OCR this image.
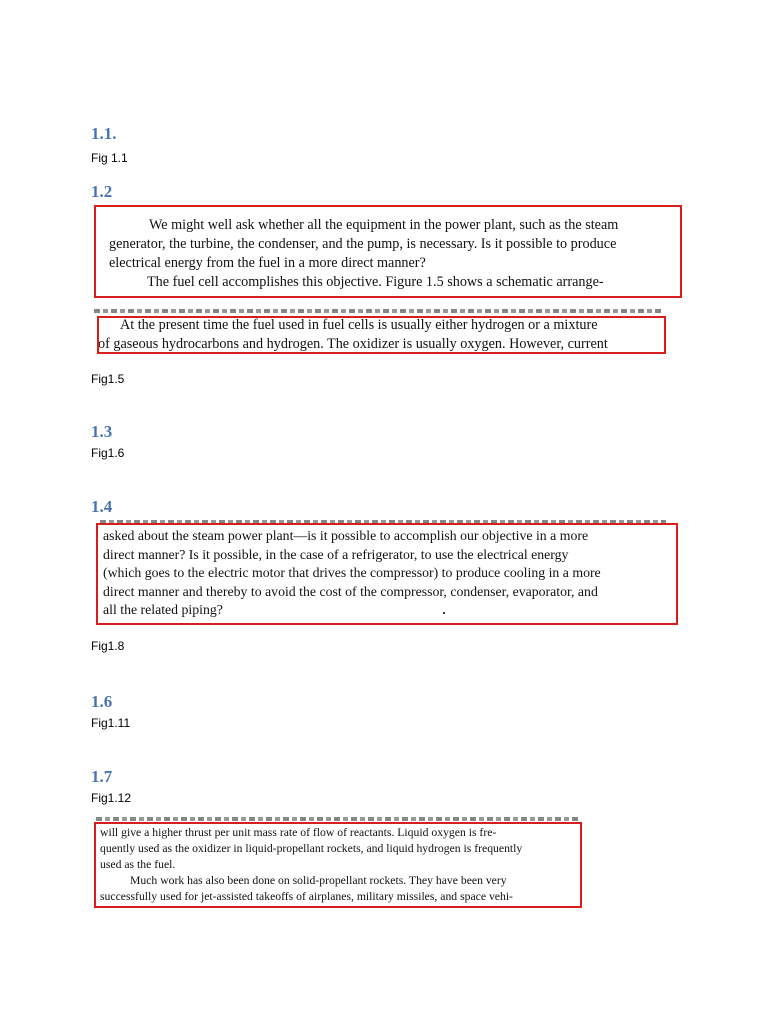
1.1.

Fig 1.1

1.2
We might well ask whether all the equipment in the power plant, such as the steam
generator, the turbine, the condenser, and the pump, is necessary. Is it possible to produce
electrical energy from the fuel in a more direct manner?
The fuel cell accomplishes this objective. Figure 1.5 shows a schematic arrange-
At the present time the fuel used in fuel cells is usually either hydrogen or a mixture
of gaseous hydrocarbons and hydrogen. The oxidizer is usually oxygen. However, current

Fig1.5

1.3

Fig1.6

1.4
asked about the steam power plant—is it possible to accomplish our objective in a more
direct manner? Is it possible, in the case of a refrigerator, to use the electrical energy
(which goes to the electric motor that drives the compressor) to produce cooling in a more
direct manner and thereby to avoid the cost of the compressor, condenser, evaporator, and
all the related piping?

Fig1.8

1.6

Fig1.11

1.7

Fig1.12

will give a higher thrust per unit mass rate of flow of reactants. Liquid oxygen is fre-
quently used as the oxidizer in liquid-propellant rockets, and liquid hydrogen is frequently
used as the fuel.
Much work has also been done on solid-propellant rockets. They have been very
successfully used for jet-assisted takeoffs of airplanes, military missiles, and space vehi-
